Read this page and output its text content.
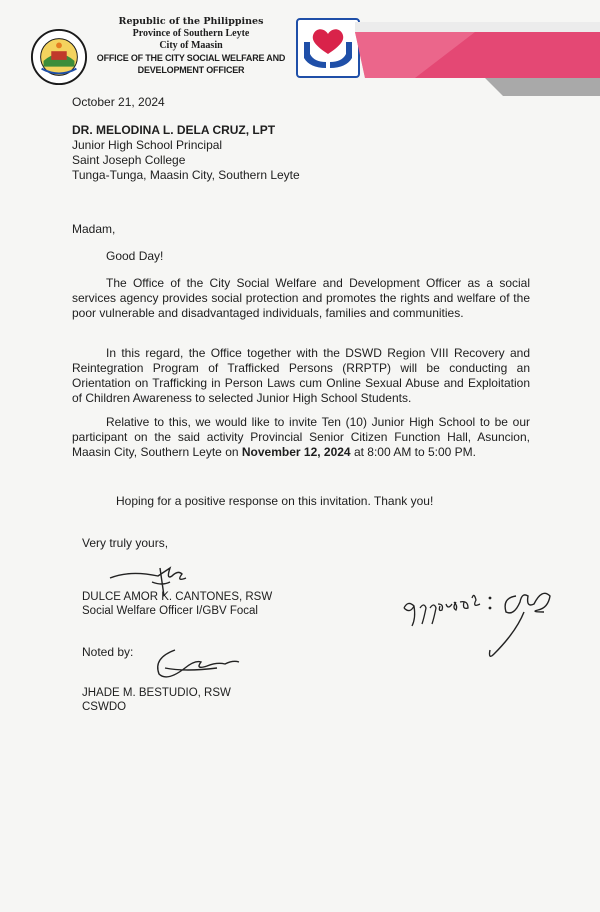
Republic of the Philippines
Province of Southern Leyte
City of Maasin
OFFICE OF THE CITY SOCIAL WELFARE AND
DEVELOPMENT OFFICER
October 21, 2024
DR. MELODINA L. DELA CRUZ, LPT
Junior High School Principal
Saint Joseph College
Tunga-Tunga, Maasin City, Southern Leyte
Madam,
Good Day!
The Office of the City Social Welfare and Development Officer as a social services agency provides social protection and promotes the rights and welfare of the poor vulnerable and disadvantaged individuals, families and communities.
In this regard, the Office together with the DSWD Region VIII Recovery and Reintegration Program of Trafficked Persons (RRPTP) will be conducting an Orientation on Trafficking in Person Laws cum Online Sexual Abuse and Exploitation of Children Awareness to selected Junior High School Students.
Relative to this, we would like to invite Ten (10) Junior High School to be our participant on the said activity Provincial Senior Citizen Function Hall, Asuncion, Maasin City, Southern Leyte on November 12, 2024 at 8:00 AM to 5:00 PM.
Hoping for a positive response on this invitation. Thank you!
Very truly yours,
DULCE AMOR K. CANTONES, RSW
Social Welfare Officer I/GBV Focal
Noted by:
JHADE M. BESTUDIO, RSW
CSWDO
